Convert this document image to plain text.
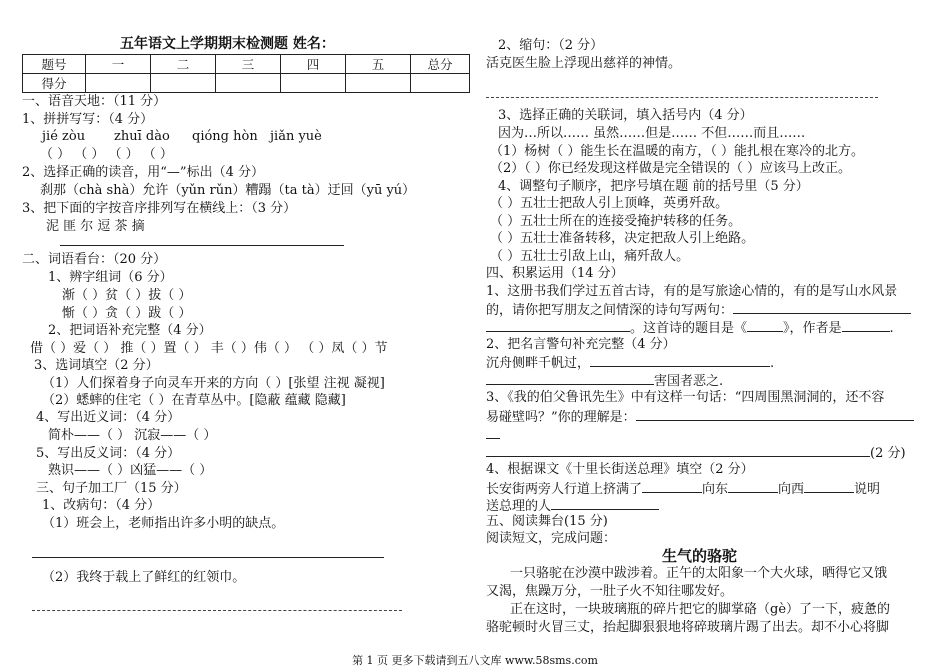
五年语文上学期期末检测题 姓名：
题号	一	二	三	四	五	总分
得分						
一、语音天地：（11 分）
1、拼拼写写：（4 分）
jié zòu zhuī dào qióng hòn jiǎn yuè
（ ） （ ） （ ） （ ）
2、选择正确的读音，用“—”标出（4 分）
刹那（chà shà）允许（yǔn rǔn）糟蹋（ta tà）迂回（yū yú）
3、把下面的字按音序排列写在横线上：（3 分）
泥 匪 尔 逗 茶 摘
二、词语看台：（20 分）
1、辨字组词（6 分）
渐（ ）贫（ ）拔（ ）
惭（ ）贪（ ）跋（ ）
2、把词语补充完整（4 分）
借（ ）爱（ ） 推（ ）置（ ） 丰（ ）伟（ ） （ ）凤（ ）节
3、选词填空（2 分）
（1）人们探着身子向灵车开来的方向（ ）[张望 注视 凝视]
（2）蟋蟀的住宅（ ）在青草丛中。[隐蔽 蕴藏 隐藏]
4、写出近义词：（4 分）
简朴——（ ） 沉寂——（ ）
5、写出反义词：（4 分）
熟识——（ ）凶猛——（ ）
三、句子加工厂（15 分）
1、改病句：（4 分）
（1）班会上，老师指出许多小明的缺点。
（2）我终于载上了鲜红的红领巾。
2、缩句：（2 分）
活克医生脸上浮现出慈祥的神情。
3、选择正确的关联词，填入括号内（4 分）
因为…所以…… 虽然……但是…… 不但……而且……
（1）杨树（ ）能生长在温暖的南方，（ ）能扎根在寒冷的北方。
（2）（ ）你已经发现这样做是完全错误的（ ）应该马上改正。
4、调整句子顺序，把序号填在题 前的括号里（5 分）
（ ）五壮士把敌人引上顶峰，英勇歼敌。
（ ）五壮士所在的连接受掩护转移的任务。
（ ）五壮士准备转移，决定把敌人引上绝路。
（ ）五壮士引敌上山，痛歼敌人。
四、积累运用（14 分）
1、这册书我们学过五首古诗，有的是写旅途心情的，有的是写山水风景
的，请你把写朋友之间情深的诗句写两句：
。这首诗的题目是《	》，作者是	.
2、把名言警句补充完整（4 分）
沉舟侧畔千帆过，	.
害国者恶之.
3、《我的伯父鲁讯先生》中有这样一句话：“四周围黑洞洞的，还不容
易碰壁吗？”你的理解是：
(2 分)
4、根据课文《十里长街送总理》填空（2 分）
长安街两旁人行道上挤满了	向东	向西	说明
送总理的人
五、阅读舞台(15 分)
阅读短文，完成问题：
生气的骆驼
一只骆驼在沙漠中跋涉着。正午的太阳象一个大火球，晒得它又饿
又渴，焦躁万分，一肚子火不知往哪发好。
正在这时，一块玻璃瓶的碎片把它的脚掌硌（gè）了一下，疲惫的
骆驼顿时火冒三丈，抬起脚狠狠地将碎玻璃片踢了出去。却不小心将脚
第 1 页 更多下载请到五八文库 www.58sms.com
